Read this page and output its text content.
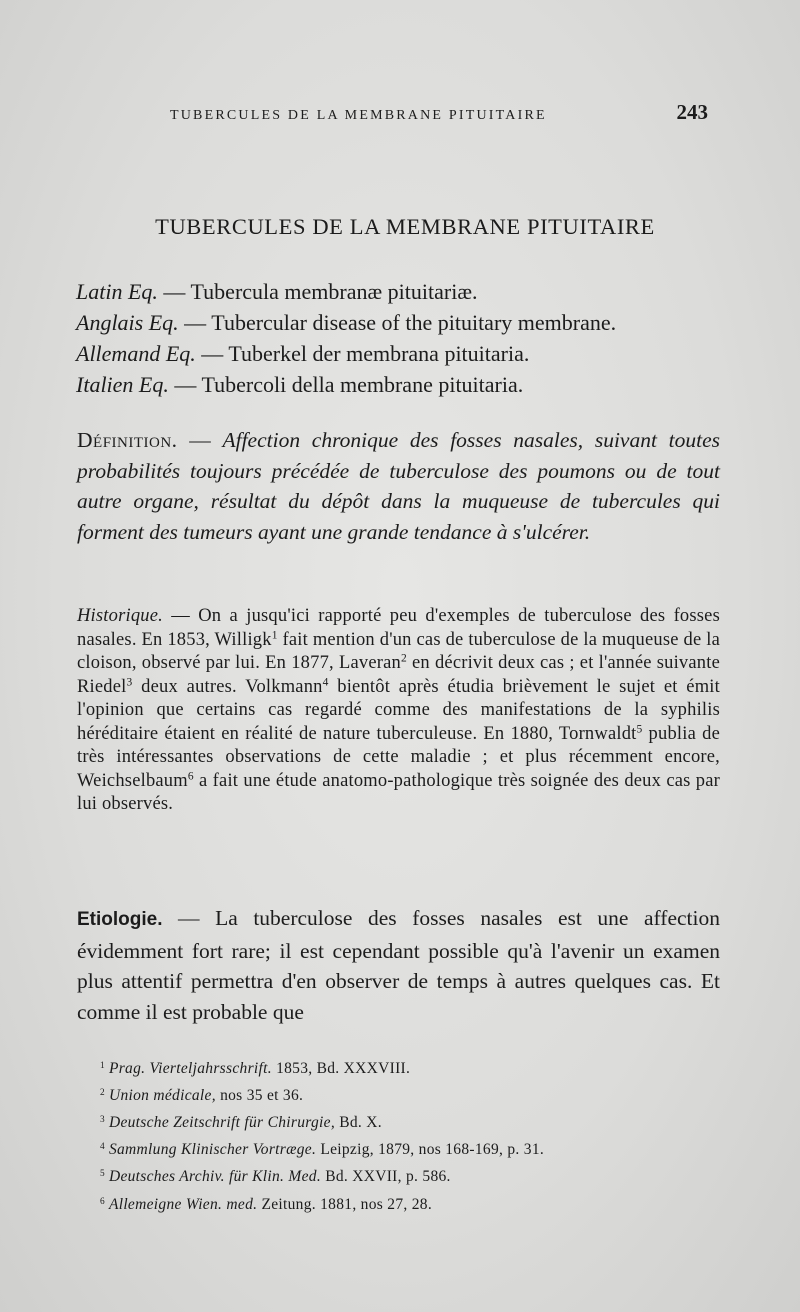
TUBERCULES DE LA MEMBRANE PITUITAIRE	243
TUBERCULES DE LA MEMBRANE PITUITAIRE
Latin Eq. — Tubercula membranæ pituitariæ.
Anglais Eq. — Tubercular disease of the pituitary membrane.
Allemand Eq. — Tuberkel der membrana pituitaria.
Italien Eq. — Tubercoli della membrane pituitaria.
Définition. — Affection chronique des fosses nasales, suivant toutes probabilités toujours précédée de tuberculose des poumons ou de tout autre organe, résultat du dépôt dans la muqueuse de tubercules qui forment des tumeurs ayant une grande tendance à s'ulcérer.
Historique. — On a jusqu'ici rapporté peu d'exemples de tuberculose des fosses nasales. En 1853, Willigk$^1$ fait mention d'un cas de tuberculose de la muqueuse de la cloison, observé par lui. En 1877, Laveran$^2$ en décrivit deux cas ; et l'année suivante Riedel$^3$ deux autres. Volkmann$^4$ bientôt après étudia brièvement le sujet et émit l'opinion que certains cas regardé comme des manifestations de la syphilis héréditaire étaient en réalité de nature tuberculeuse. En 1880, Tornwaldt$^5$ publia de très intéressantes observations de cette maladie ; et plus récemment encore, Weichselbaum$^6$ a fait une étude anatomo-pathologique très soignée des deux cas par lui observés.
Etiologie. — La tuberculose des fosses nasales est une affection évidemment fort rare; il est cependant possible qu'à l'avenir un examen plus attentif permettra d'en observer de temps à autres quelques cas. Et comme il est probable que
$^1$ Prag. Vierteljahrsschrift. 1853, Bd. XXXVIII.
$^2$ Union médicale, nos 35 et 36.
$^3$ Deutsche Zeitschrift für Chirurgie, Bd. X.
$^4$ Sammlung Klinischer Vortræge. Leipzig, 1879, nos 168-169, p. 31.
$^5$ Deutsches Archiv. für Klin. Med. Bd. XXVII, p. 586.
$^6$ Allemeigne Wien. med. Zeitung. 1881, nos 27, 28.
